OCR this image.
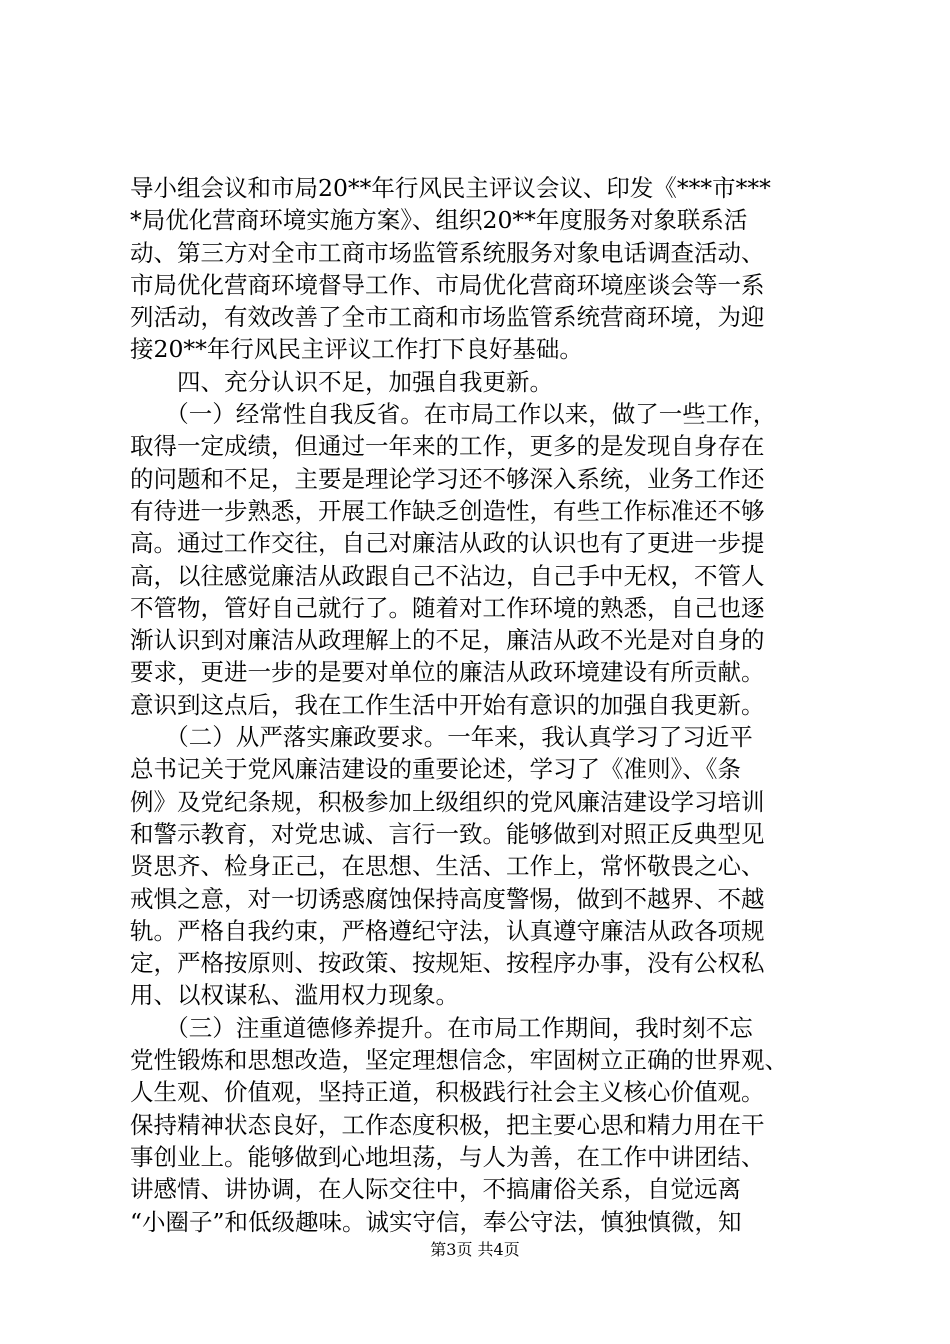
导小组会议和市局20**年行风民主评议会议、印发《***市***
*局优化营商环境实施方案》、组织20**年度服务对象联系活
动、第三方对全市工商市场监管系统服务对象电话调查活动、
市局优化营商环境督导工作、市局优化营商环境座谈会等一系
列活动，有效改善了全市工商和市场监管系统营商环境，为迎
接20**年行风民主评议工作打下良好基础。
　　四、充分认识不足，加强自我更新。
　　（一）经常性自我反省。在市局工作以来，做了一些工作，
取得一定成绩，但通过一年来的工作，更多的是发现自身存在
的问题和不足，主要是理论学习还不够深入系统，业务工作还
有待进一步熟悉，开展工作缺乏创造性，有些工作标准还不够
高。通过工作交往，自己对廉洁从政的认识也有了更进一步提
高，以往感觉廉洁从政跟自己不沾边，自己手中无权，不管人
不管物，管好自己就行了。随着对工作环境的熟悉，自己也逐
渐认识到对廉洁从政理解上的不足，廉洁从政不光是对自身的
要求，更进一步的是要对单位的廉洁从政环境建设有所贡献。
意识到这点后，我在工作生活中开始有意识的加强自我更新。
　　（二）从严落实廉政要求。一年来，我认真学习了习近平
总书记关于党风廉洁建设的重要论述，学习了《准则》、《条
例》及党纪条规，积极参加上级组织的党风廉洁建设学习培训
和警示教育，对党忠诚、言行一致。能够做到对照正反典型见
贤思齐、检身正己，在思想、生活、工作上，常怀敬畏之心、
戒惧之意，对一切诱惑腐蚀保持高度警惕，做到不越界、不越
轨。严格自我约束，严格遵纪守法，认真遵守廉洁从政各项规
定，严格按原则、按政策、按规矩、按程序办事，没有公权私
用、以权谋私、滥用权力现象。
　　（三）注重道德修养提升。在市局工作期间，我时刻不忘
党性锻炼和思想改造，坚定理想信念，牢固树立正确的世界观、
人生观、价值观，坚持正道，积极践行社会主义核心价值观。
保持精神状态良好，工作态度积极，把主要心思和精力用在干
事创业上。能够做到心地坦荡，与人为善，在工作中讲团结、
讲感情、讲协调，在人际交往中，不搞庸俗关系，自觉远离
“小圈子”和低级趣味。诚实守信，奉公守法，慎独慎微，知
第3页 共4页
